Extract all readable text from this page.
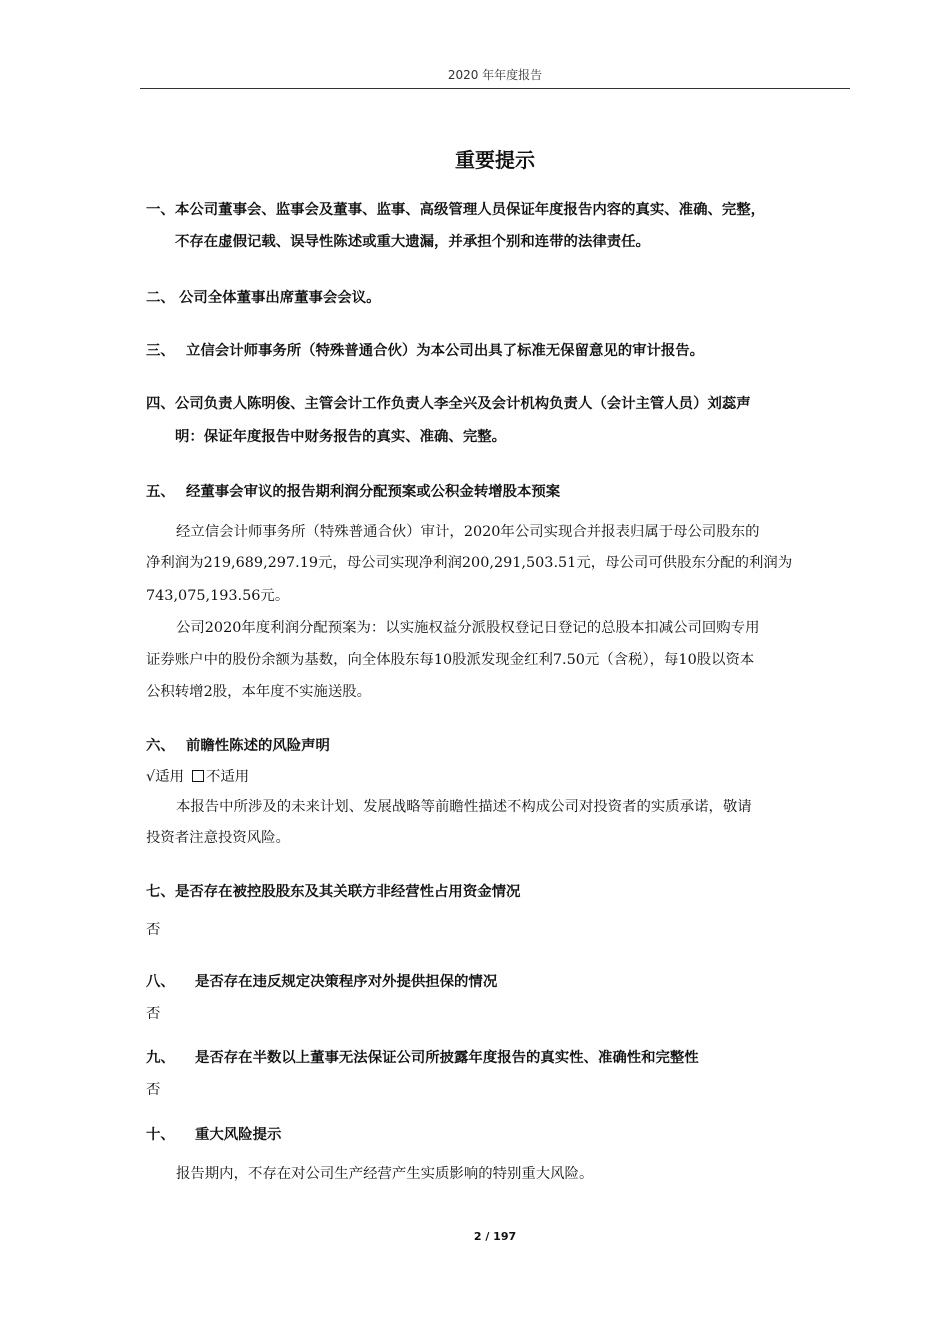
2020 年年度报告
重要提示
一、 本公司董事会、监事会及董事、监事、高级管理人员保证年度报告内容的真实、准确、完整，
不存在虚假记载、误导性陈述或重大遗漏，并承担个别和连带的法律责任。
二、 公司全体董事出席董事会会议。
三、 立信会计师事务所（特殊普通合伙）为本公司出具了标准无保留意见的审计报告。
四、 公司负责人陈明俊、主管会计工作负责人李全兴及会计机构负责人（会计主管人员）刘蕊声
明：保证年度报告中财务报告的真实、准确、完整。
五、 经董事会审议的报告期利润分配预案或公积金转增股本预案
经立信会计师事务所（特殊普通合伙）审计，2020年公司实现合并报表归属于母公司股东的
净利润为219,689,297.19元，母公司实现净利润200,291,503.51元，母公司可供股东分配的利润为
743,075,193.56元。
公司2020年度利润分配预案为：以实施权益分派股权登记日登记的总股本扣减公司回购专用
证券账户中的股份余额为基数，向全体股东每10股派发现金红利7.50元（含税），每10股以资本
公积转增2股，本年度不实施送股。
六、 前瞻性陈述的风险声明
√适用 不适用
本报告中所涉及的未来计划、发展战略等前瞻性描述不构成公司对投资者的实质承诺，敬请
投资者注意投资风险。
七、 是否存在被控股股东及其关联方非经营性占用资金情况
否
八、 是否存在违反规定决策程序对外提供担保的情况
否
九、 是否存在半数以上董事无法保证公司所披露年度报告的真实性、准确性和完整性
否
十、 重大风险提示
报告期内，不存在对公司生产经营产生实质影响的特别重大风险。
2 / 197
